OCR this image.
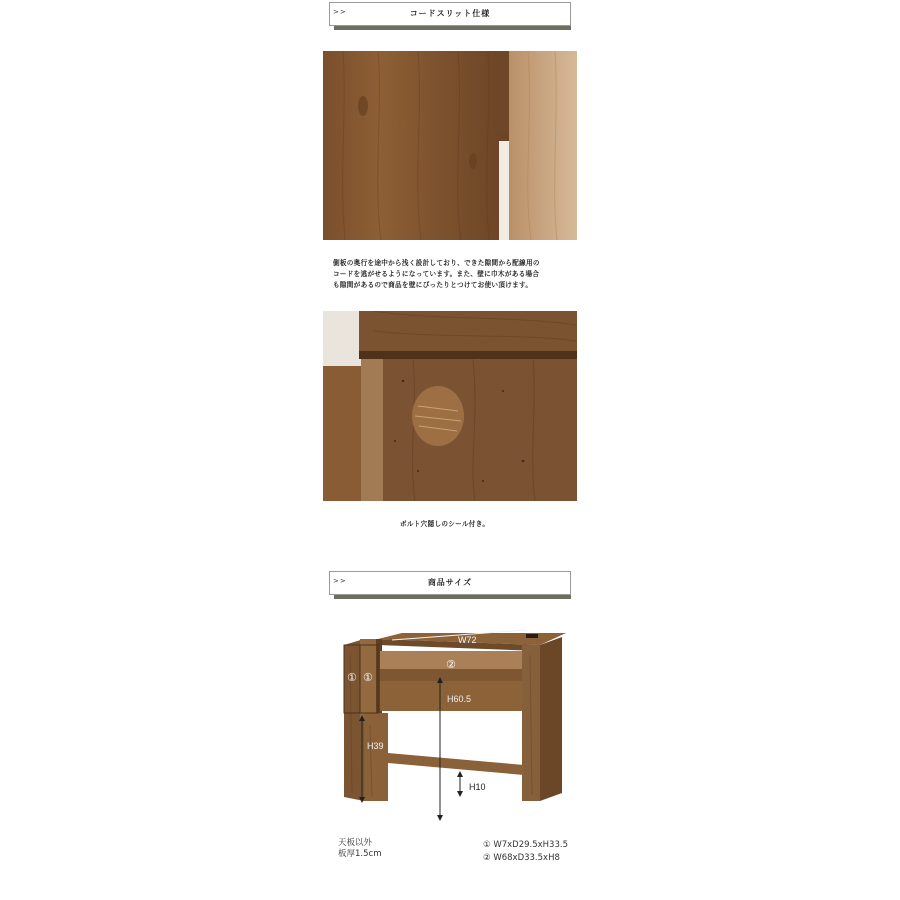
>>	コードスリット仕様
側板の奥行を途中から浅く設計しており、できた隙間から配線用の
コードを逃がせるようになっています。また、壁に巾木がある場合
も隙間があるので商品を壁にぴったりとつけてお使い頂けます。
ボルト穴隠しのシール付き。
>>	商品サイズ
W72
H60.5
H39
H10
① ①
②
天板以外
板厚1.5cm
① W7xD29.5xH33.5
② W68xD33.5xH8
